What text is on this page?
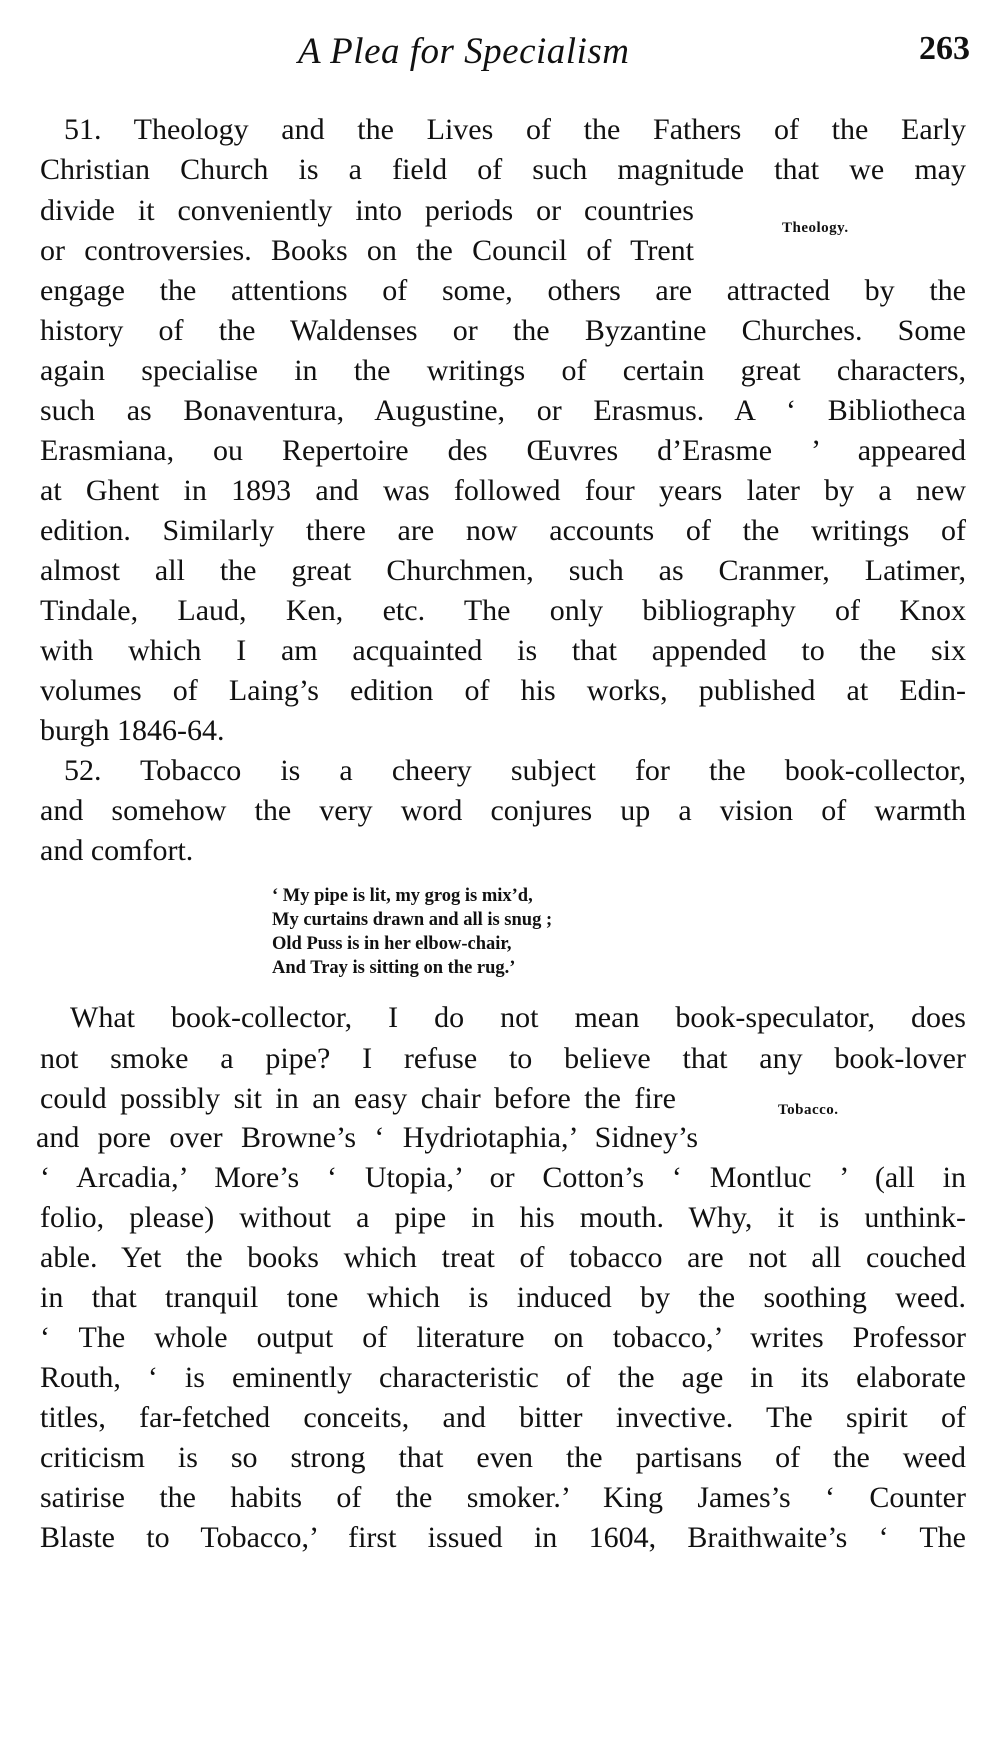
A Plea for Specialism	263
51. Theology and the Lives of the Fathers of the Early
Christian Church is a field of such magnitude that we may
divide it conveniently into periods or countries
or controversies. Books on the Council of Trent
engage the attentions of some, others are attracted by the
history of the Waldenses or the Byzantine Churches. Some
again specialise in the writings of certain great characters,
such as Bonaventura, Augustine, or Erasmus. A ‘ Bibliotheca
Erasmiana, ou Repertoire des Œuvres d’Erasme ’ appeared
at Ghent in 1893 and was followed four years later by a new
edition. Similarly there are now accounts of the writings of
almost all the great Churchmen, such as Cranmer, Latimer,
Tindale, Laud, Ken, etc. The only bibliography of Knox
with which I am acquainted is that appended to the six
volumes of Laing’s edition of his works, published at Edin-
burgh 1846-64.
Theology.
52. Tobacco is a cheery subject for the book-collector,
and somehow the very word conjures up a vision of warmth
and comfort.
‘ My pipe is lit, my grog is mix’d,
My curtains drawn and all is snug ;
Old Puss is in her elbow-chair,
And Tray is sitting on the rug.’
What book-collector, I do not mean book-speculator, does
not smoke a pipe? I refuse to believe that any book-lover
could possibly sit in an easy chair before the fire
and pore over Browne’s ‘ Hydriotaphia,’ Sidney’s
‘ Arcadia,’ More’s ‘ Utopia,’ or Cotton’s ‘ Montluc ’ (all in
folio, please) without a pipe in his mouth. Why, it is unthink-
able. Yet the books which treat of tobacco are not all couched
in that tranquil tone which is induced by the soothing weed.
‘ The whole output of literature on tobacco,’ writes Professor
Routh, ‘ is eminently characteristic of the age in its elaborate
titles, far-fetched conceits, and bitter invective. The spirit of
criticism is so strong that even the partisans of the weed
satirise the habits of the smoker.’ King James’s ‘ Counter
Blaste to Tobacco,’ first issued in 1604, Braithwaite’s ‘ The
Tobacco.
